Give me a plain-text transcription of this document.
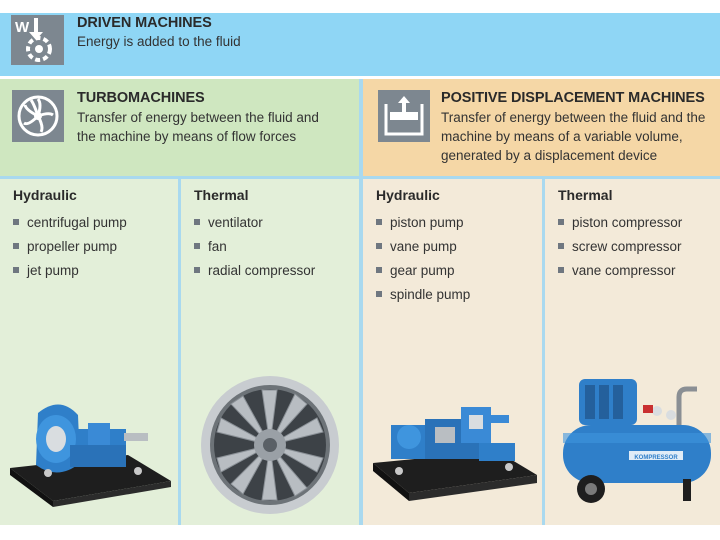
W	DRIVEN MACHINES
Energy is added to the fluid
TURBOMACHINES
Transfer of energy between the fluid and
the machine by means of flow forces
POSITIVE DISPLACEMENT MACHINES
Transfer of energy between the fluid and the
machine by means of a variable volume,
generated by a displacement device
Hydraulic
centrifugal pump
propeller pump
jet pump
Thermal
ventilator
fan
radial compressor
Hydraulic
piston pump
vane pump
gear pump
spindle pump
Thermal
piston compressor
screw compressor
vane compressor
KOMPRESSOR
